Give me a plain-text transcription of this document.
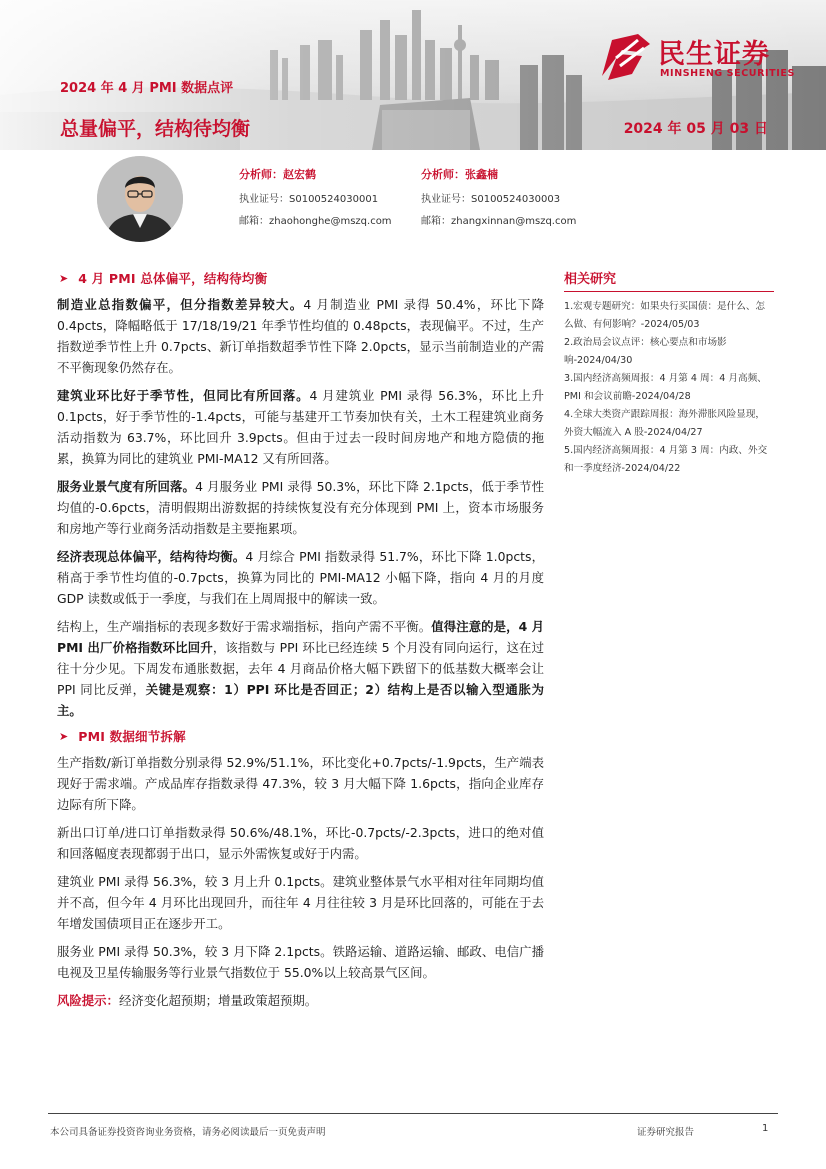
2024 年 4 月 PMI 数据点评
总量偏平，结构待均衡	2024 年 05 月 03 日
民生证券
MINSHENG SECURITIES
分析师：赵宏鹤
执业证号：S0100524030001
邮箱：zhaohonghe@mszq.com
分析师：张鑫楠
执业证号：S0100524030003
邮箱：zhangxinnan@mszq.com
➤ 4 月 PMI 总体偏平，结构待均衡

制造业总指数偏平，但分指数差异较大。4 月制造业 PMI 录得 50.4%，环比下降 0.4pcts，降幅略低于 17/18/19/21 年季节性均值的 0.48pcts，表现偏平。不过，生产指数逆季节性上升 0.7pcts、新订单指数超季节性下降 2.0pcts，显示当前制造业的产需不平衡现象仍然存在。

建筑业环比好于季节性，但同比有所回落。4 月建筑业 PMI 录得 56.3%，环比上升 0.1pcts，好于季节性的-1.4pcts，可能与基建开工节奏加快有关，土木工程建筑业商务活动指数为 63.7%，环比回升 3.9pcts。但由于过去一段时间房地产和地方隐债的拖累，换算为同比的建筑业 PMI-MA12 又有所回落。

服务业景气度有所回落。4 月服务业 PMI 录得 50.3%，环比下降 2.1pcts，低于季节性均值的-0.6pcts，清明假期出游数据的持续恢复没有充分体现到 PMI 上，资本市场服务和房地产等行业商务活动指数是主要拖累项。

经济表现总体偏平，结构待均衡。4 月综合 PMI 指数录得 51.7%，环比下降 1.0pcts，稍高于季节性均值的-0.7pcts，换算为同比的 PMI-MA12 小幅下降，指向 4 月的月度 GDP 读数或低于一季度，与我们在上周周报中的解读一致。

结构上，生产端指标的表现多数好于需求端指标，指向产需不平衡。值得注意的是，4 月 PMI 出厂价格指数环比回升，该指数与 PPI 环比已经连续 5 个月没有同向运行，这在过往十分少见。下周发布通胀数据，去年 4 月商品价格大幅下跌留下的低基数大概率会让 PPI 同比反弹，关键是观察：1）PPI 环比是否回正；2）结构上是否以输入型通胀为主。

➤ PMI 数据细节拆解

生产指数/新订单指数分别录得 52.9%/51.1%，环比变化+0.7pcts/-1.9pcts，生产端表现好于需求端。产成品库存指数录得 47.3%，较 3 月大幅下降 1.6pcts，指向企业库存边际有所下降。

新出口订单/进口订单指数录得 50.6%/48.1%，环比-0.7pcts/-2.3pcts，进口的绝对值和回落幅度表现都弱于出口，显示外需恢复或好于内需。

建筑业 PMI 录得 56.3%，较 3 月上升 0.1pcts。建筑业整体景气水平相对往年同期均值并不高，但今年 4 月环比出现回升，而往年 4 月往往较 3 月是环比回落的，可能在于去年增发国债项目正在逐步开工。

服务业 PMI 录得 50.3%，较 3 月下降 2.1pcts。铁路运输、道路运输、邮政、电信广播电视及卫星传输服务等行业景气指数位于 55.0%以上较高景气区间。

风险提示：经济变化超预期；增量政策超预期。

相关研究
1.宏观专题研究：如果央行买国债：是什么、怎么做、有何影响？-2024/05/03
2.政治局会议点评：核心要点和市场影响-2024/04/30
3.国内经济高频周报：4 月第 4 周：4 月高频、PMI 和会议前瞻-2024/04/28
4.全球大类资产跟踪周报：海外滞胀风险显现，外资大幅流入 A 股-2024/04/27
5.国内经济高频周报：4 月第 3 周：内政、外交和一季度经济-2024/04/22
本公司具备证券投资咨询业务资格，请务必阅读最后一页免责声明	证券研究报告	1
